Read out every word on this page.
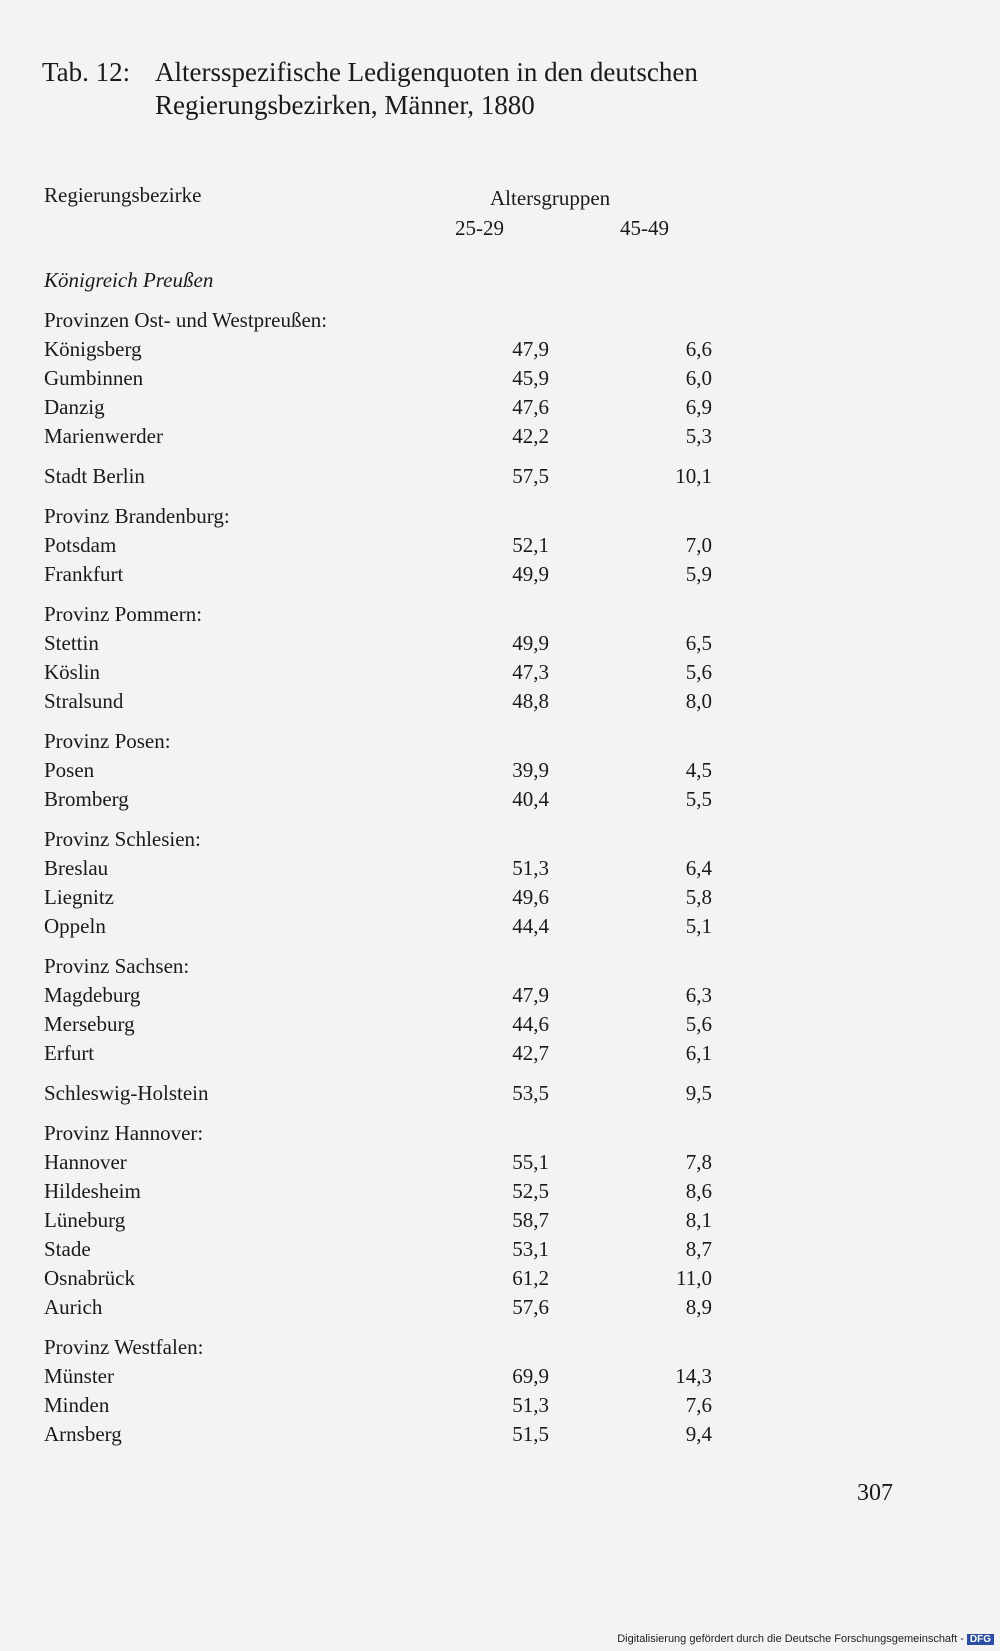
Tab. 12: Altersspezifische Ledigenquoten in den deutschen
Regierungsbezirken, Männer, 1880
Regierungsbezirke	Altersgruppen
25-29	45-49
Königreich Preußen
Provinzen Ost- und Westpreußen:
Königsberg	47,9	6,6
Gumbinnen	45,9	6,0
Danzig	47,6	6,9
Marienwerder	42,2	5,3
Stadt Berlin	57,5	10,1
Provinz Brandenburg:
Potsdam	52,1	7,0
Frankfurt	49,9	5,9
Provinz Pommern:
Stettin	49,9	6,5
Köslin	47,3	5,6
Stralsund	48,8	8,0
Provinz Posen:
Posen	39,9	4,5
Bromberg	40,4	5,5
Provinz Schlesien:
Breslau	51,3	6,4
Liegnitz	49,6	5,8
Oppeln	44,4	5,1
Provinz Sachsen:
Magdeburg	47,9	6,3
Merseburg	44,6	5,6
Erfurt	42,7	6,1
Schleswig-Holstein	53,5	9,5
Provinz Hannover:
Hannover	55,1	7,8
Hildesheim	52,5	8,6
Lüneburg	58,7	8,1
Stade	53,1	8,7
Osnabrück	61,2	11,0
Aurich	57,6	8,9
Provinz Westfalen:
Münster	69,9	14,3
Minden	51,3	7,6
Arnsberg	51,5	9,4
307
Digitalisierung gefördert durch die Deutsche Forschungsgemeinschaft - DFG
